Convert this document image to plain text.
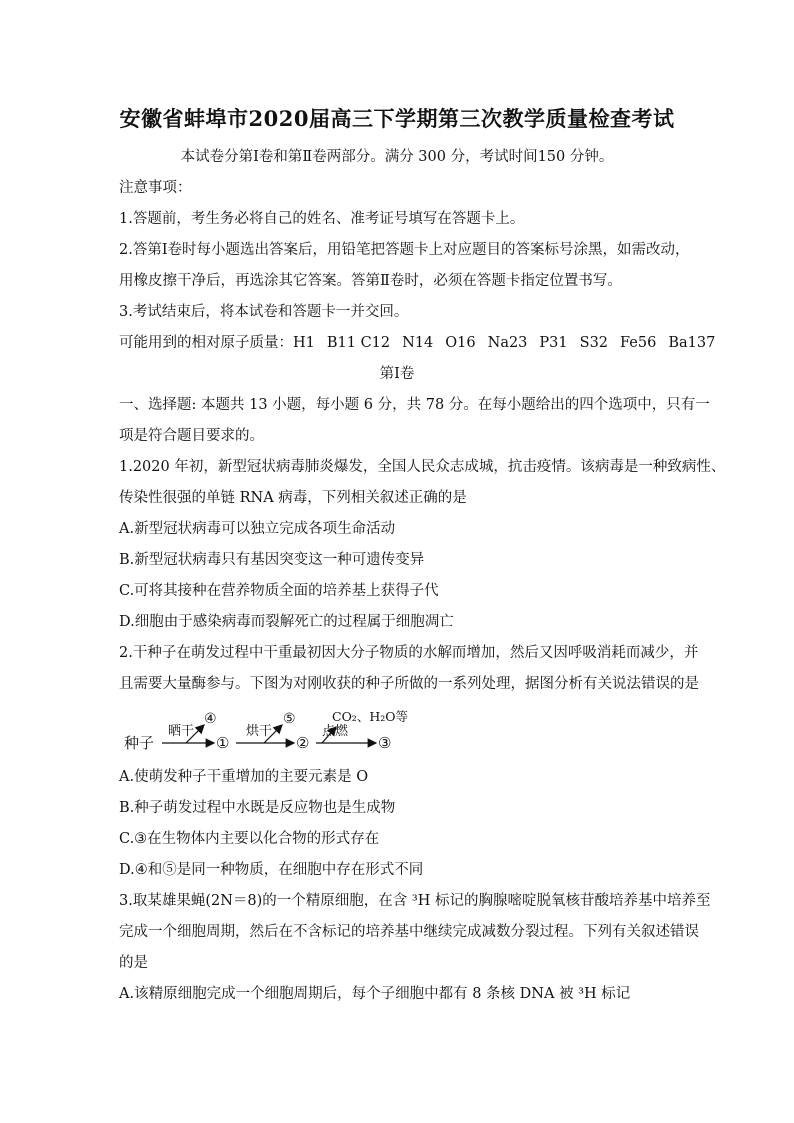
安徽省蚌埠市2020届高三下学期第三次教学质量检查考试
本试卷分第Ⅰ卷和第Ⅱ卷两部分。满分 300 分，考试时间150 分钟。
注意事项：
1.答题前，考生务必将自己的姓名、准考证号填写在答题卡上。
2.答第Ⅰ卷时每小题选出答案后，用铅笔把答题卡上对应题目的答案标号涂黑，如需改动，
用橡皮擦干净后，再选涂其它答案。答第Ⅱ卷时，必须在答题卡指定位置书写。
3.考试结束后，将本试卷和答题卡一并交回。
可能用到的相对原子质量：H1 B11 C12 N14 O16 Na23 P31 S32 Fe56 Ba137
第Ⅰ卷
一、选择题: 本题共 13 小题，每小题 6 分，共 78 分。在每小题给出的四个选项中，只有一
项是符合题目要求的。
1.2020 年初，新型冠状病毒肺炎爆发，全国人民众志成城，抗击疫情。该病毒是一种致病性、
传染性很强的单链 RNA 病毒，下列相关叙述正确的是
A.新型冠状病毒可以独立完成各项生命活动
B.新型冠状病毒只有基因突变这一种可遗传变异
C.可将其接种在营养物质全面的培养基上获得子代
D.细胞由于感染病毒而裂解死亡的过程属于细胞凋亡
2.干种子在萌发过程中干重最初因大分子物质的水解而增加，然后又因呼吸消耗而减少，并
且需要大量酶参与。下图为对刚收获的种子所做的一系列处理，据图分析有关说法错误的是
种子
晒干
④
①
烘干
⑤
②
点燃
CO₂、H₂O等
③
A.使萌发种子干重增加的主要元素是 O
B.种子萌发过程中水既是反应物也是生成物
C.③在生物体内主要以化合物的形式存在
D.④和⑤是同一种物质，在细胞中存在形式不同
3.取某雄果蝇(2N＝8)的一个精原细胞，在含 ³H 标记的胸腺嘧啶脱氧核苷酸培养基中培养至
完成一个细胞周期，然后在不含标记的培养基中继续完成减数分裂过程。下列有关叙述错误
的是
A.该精原细胞完成一个细胞周期后，每个子细胞中都有 8 条核 DNA 被 ³H 标记
